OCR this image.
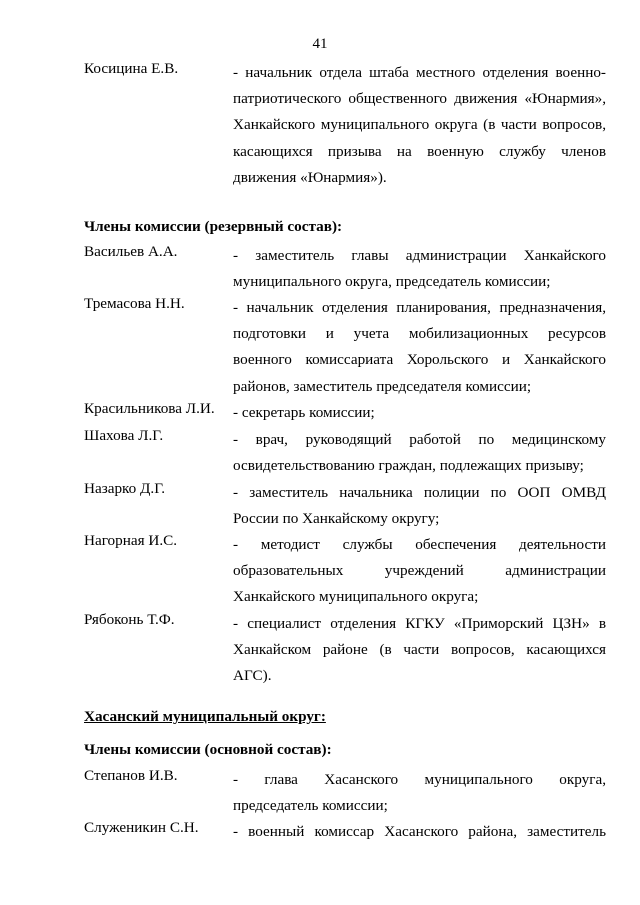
41
Косицина Е.В.	- начальник отдела штаба местного отделения военно-
патриотического общественного движения «Юнармия»,
Ханкайского муниципального округа (в части вопросов,
касающихся призыва на военную службу членов
движения «Юнармия»).
Члены комиссии (резервный состав):
Васильев А.А.	- заместитель главы администрации Ханкайского
муниципального округа, председатель комиссии;
Тремасова Н.Н.	- начальник отделения планирования, предназначения,
подготовки и учета мобилизационных ресурсов
военного комиссариата Хорольского и Ханкайского
районов, заместитель председателя комиссии;
Красильникова Л.И. - секретарь комиссии;
Шахова Л.Г.	- врач, руководящий работой по медицинскому
освидетельствованию граждан, подлежащих призыву;
Назарко Д.Г.	- заместитель начальника полиции по ООП ОМВД
России по Ханкайскому округу;
Нагорная И.С.	- методист службы обеспечения деятельности
образовательных учреждений администрации
Ханкайского муниципального округа;
Рябоконь Т.Ф.	- специалист отделения КГКУ «Приморский ЦЗН» в
Ханкайском районе (в части вопросов, касающихся
АГС).
Хасанский муниципальный округ:
Члены комиссии (основной состав):
Степанов И.В.	- глава Хасанского муниципального округа,
председатель комиссии;
Служеникин С.Н. - военный комиссар Хасанского района, заместитель
